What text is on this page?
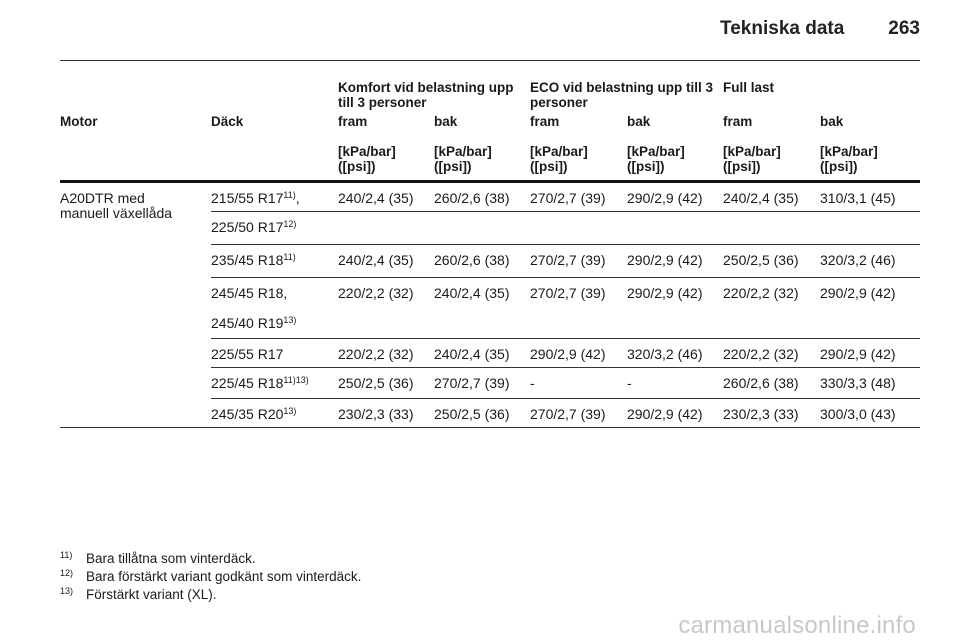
Tekniska data 263
		Komfort vid belastning upp till 3 personer		ECO vid belastning upp till 3 personer		Full last	
Motor	Däck	fram	bak	fram	bak	fram	bak
		[kPa/bar] ([psi])	[kPa/bar] ([psi])	[kPa/bar] ([psi])	[kPa/bar] ([psi])	[kPa/bar] ([psi])	[kPa/bar] ([psi])
A20DTR med manuell växellåda	215/55 R17$^{11)}$,	240/2,4 (35)	260/2,6 (38)	270/2,7 (39)	290/2,9 (42)	240/2,4 (35)	310/3,1 (45)
	225/50 R17$^{12)}$						
	235/45 R18$^{11)}$	240/2,4 (35)	260/2,6 (38)	270/2,7 (39)	290/2,9 (42)	250/2,5 (36)	320/3,2 (46)
	245/45 R18,	220/2,2 (32)	240/2,4 (35)	270/2,7 (39)	290/2,9 (42)	220/2,2 (32)	290/2,9 (42)
	245/40 R19$^{13)}$						
	225/55 R17	220/2,2 (32)	240/2,4 (35)	290/2,9 (42)	320/3,2 (46)	220/2,2 (32)	290/2,9 (42)
	225/45 $R18^{11)13)}$	250/2,5 (36)	270/2,7 (39)	-	-	260/2,6 (38)	330/3,3 (48)
	245/35 R20$^{13)}$	230/2,3 (33)	250/2,5 (36)	270/2,7 (39)	290/2,9 (42)	230/2,3 (33)	300/3,0 (43)
11)	Bara tillåtna som vinterdäck.
12) Bara förstärkt variant godkänt som vinterdäck.
13) Förstärkt variant (XL).
carmanualsonline.info
